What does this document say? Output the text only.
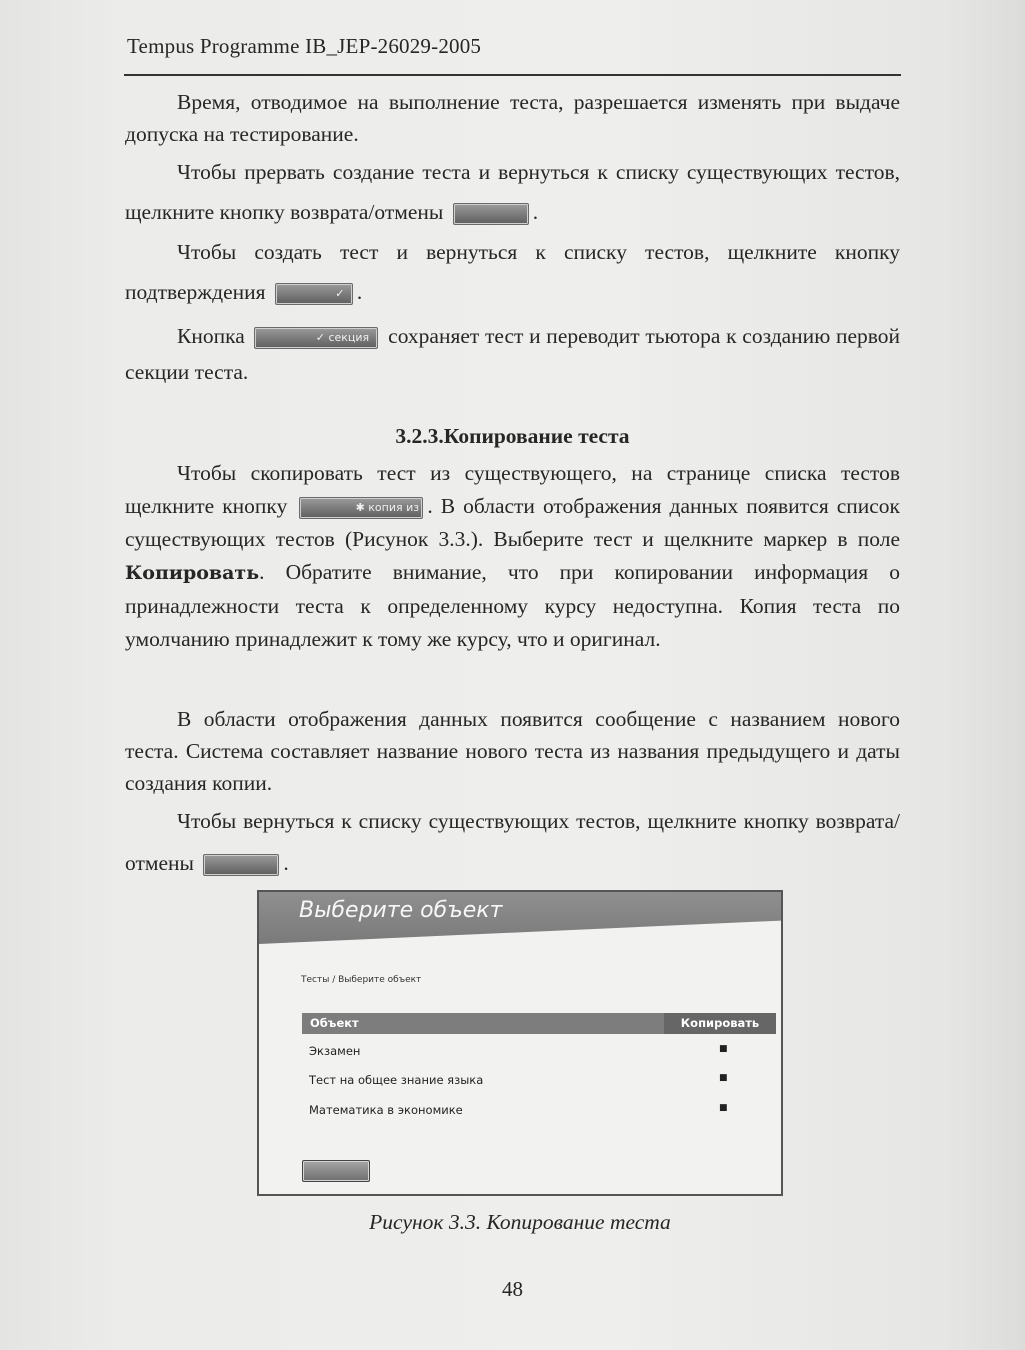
Tempus Programme IB_JEP-26029-2005
Время, отводимое на выполнение теста, разрешается изменять при выдаче допуска на тестирование.
Чтобы прервать создание теста и вернуться к списку существующих тестов, щелкните кнопку возврата/отмены	.
Чтобы создать тест и вернуться к списку тестов, щелкните кнопку подтверждения	✓ .
Кнопка	✓ секция сохраняет тест и переводит тьютора к созданию первой секции теста.
3.2.3.Копирование теста
Чтобы скопировать тест из существующего, на странице списка тестов щелкните кнопку	✱ копия из . В области отображения данных появится список существующих тестов (Рисунок 3.3.). Выберите тест и щелкните маркер в поле Копировать. Обратите внимание, что при копировании информация о принадлежности теста к определенному курсу недоступна. Копия теста по умолчанию принадлежит к тому же курсу, что и оригинал.
В области отображения данных появится сообщение с названием нового теста. Система составляет название нового теста из названия предыдущего и даты создания копии.
Чтобы вернуться к списку существующих тестов, щелкните кнопку возврата/отмены	.
Выберите объект
Тесты / Выберите объект
Объект	Копировать
Экзамен	■
Тест на общее знание языка	■
Математика в экономике	■
Рисунок 3.3. Копирование теста
48
